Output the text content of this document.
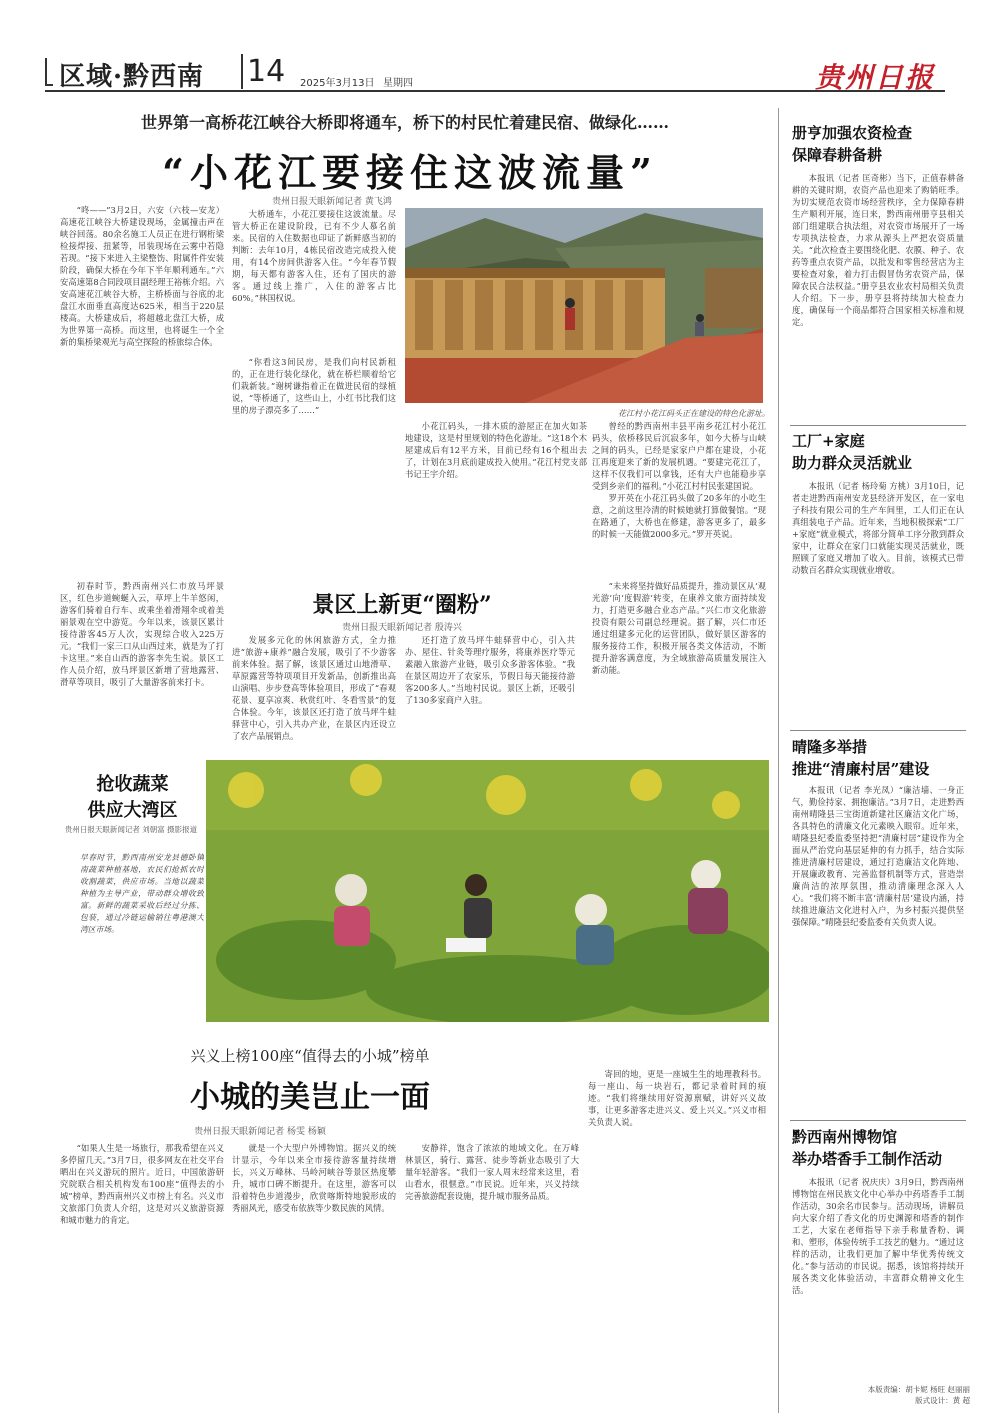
区域·黔西南 14 2025年3月13日 星期四	贵州日报
世界第一高桥花江峡谷大桥即将通车，桥下的村民忙着建民宿、做绿化……
“小花江要接住这波流量”
“咚——”3月2日，六安（六枝—安龙）高速花江峡谷大桥建设现场，金属撞击声在峡谷回荡。80余名施工人员正在进行钢桁梁检接焊接、扭紧等，吊装现场在云雾中若隐若现。“接下来进入主梁整饬、附属件件安装阶段，确保大桥在今年下半年顺利通车。”六安高速第8合同段项目副经理王裕栋介绍。六安高速花江峡谷大桥，主桥桥面与谷底的北盘江水面垂直高度达625米，相当于220层楼高。大桥建成后，将超越北盘江大桥，成为世界第一高桥。而这里，也将诞生一个全新的集桥梁观光与高空探险的桥旅综合体。
贵州日报天眼新闻记者 黄飞鸿
大桥通车，小花江要接住这波流量。尽管大桥正在建设阶段，已有不少人慕名前来。民宿的入住数据也印证了新鲜感当初的判断：去年10月，4栋民宿改造完成投入使用，有14个房间供游客入住。“今年春节假期，每天都有游客入住，还有了国庆的游客。通过线上推广，入住的游客占比60%。”林国权说。
花江村小花江码头正在建设的特色化游址。
“你看这3间民房，是我们向村民新租的，正在进行装化绿化，就在桥栏顺着给它们栽新装。”谢树谦指着正在做进民宿的绿植说，“等桥通了，这些山上，小红书比我们这里的房子漂亮多了……”
小花江码头，一排木质的游屋正在加火如茶地建设，这是村里规划的特色化游址。“这18个木屋建成后有12平方米，目前已经有16个租出去了，计划在3月底前建成投入使用。”花江村党支部书记王宇介绍。
曾经的黔西南州丰县平南乡花江村小花江码头，依桥移民后沉寂多年，如今大桥与山峡之间的码头，已经是家家户户都在建设，小花江再度迎来了新的发展机遇。“要建完花江了，这样不仅我们可以拿钱，还有大户也能稳步享受到乡亲们的福利。”小花江村村民张建国说。
罗开英在小花江码头做了20多年的小吃生意，之前这里冷清的时候她就打算做餐馆。“现在路通了，大桥也在修建，游客更多了，最多的时候一天能做2000多元。”罗开英说。
初春时节，黔西南州兴仁市放马坪景区，红色步道蜿蜒入云，草坪上牛羊悠闲，游客们骑着自行车、或乘坐着滑翔伞或着美丽景观在空中游览。今年以来，该景区累计接待游客45万人次，实现综合收入225万元。“我们一家三口从山西过来，就是为了打卡这里。”来自山西的游客李先生说。景区工作人员介绍，放马坪景区新增了营地露营、滑草等项目，吸引了大量游客前来打卡。
景区上新更“圈粉”
贵州日报天眼新闻记者 殷涛兴
发展多元化的休闲旅游方式，全力推进“旅游+康养”融合发展，吸引了不少游客前来体验。据了解，该景区通过山地滑草、草原露营等特项项目开发新品，创新推出高山演唱、步步登高等体验项目，形成了“春观花景、夏享凉爽、秋赏红叶、冬看雪景”的复合体验。今年，该景区还打造了放马坪牛蛙驿营中心，引入共办产业，在景区内还设立了农产品展销点。
还打造了放马坪牛蛙驿营中心，引入共办、屋住、针灸等理疗服务，将康养医疗等元素融入旅游产业链，吸引众多游客体验。“我在景区周边开了农家乐，节假日每天能接待游客200多人。”当地村民说。景区上新，还吸引了130多家商户入驻。
“未来将坚持做好品质提升，推动景区从‘观光游’向‘度假游’转变，在康养文旅方面持续发力，打造更多融合业态产品。”兴仁市文化旅游投资有限公司副总经理说。据了解，兴仁市还通过组建多元化的运营团队，做好景区游客的服务接待工作，积极开展各类文体活动，不断提升游客满意度，为全域旅游高质量发展注入新动能。
抢收蔬菜
供应大湾区
贵州日报天眼新闻记者 刘朝富 摄影报道
早春时节，黔西南州安龙县德卧镇南蔬菜种植基地，农民们抢抓农时收割蔬菜，供应市场。当地以蔬菜种植为主导产业，带动群众增收致富。新鲜的蔬菜采收后经过分拣、包装，通过冷链运输销往粤港澳大湾区市场。
兴义上榜100座“值得去的小城”榜单
小城的美岂止一面
贵州日报天眼新闻记者 杨雯 杨颖
“如果人生是一场旅行，那我希望在兴义多停留几天。”3月7日，很多网友在社交平台晒出在兴义游玩的照片。近日，中国旅游研究院联合相关机构发布100座“值得去的小城”榜单，黔西南州兴义市榜上有名。兴义市文旅部门负责人介绍，这是对兴义旅游资源和城市魅力的肯定。
就是一个大型户外博物馆。据兴义的统计显示，今年以来全市接待游客量持续增长，兴义万峰林、马岭河峡谷等景区热度攀升，城市口碑不断提升。在这里，游客可以沿着特色步道漫步，欣赏喀斯特地貌形成的秀丽风光，感受布依族等少数民族的风情。
安静祥，饱含了浓浓的地域文化。在万峰林景区，骑行、露营、徒步等新业态吸引了大量年轻游客。“我们一家人周末经常来这里，看山看水，很惬意。”市民说。近年来，兴义持续完善旅游配套设施，提升城市服务品质。
寄回的地，更是一座城生生的地理教科书。每一座山、每一块岩石，都记录着时间的痕迹。“我们将继续用好资源禀赋，讲好兴义故事，让更多游客走进兴义、爱上兴义。”兴义市相关负责人说。
册亨加强农资检查
保障春耕备耕
本报讯（记者 匡奇彬）当下，正值春耕备耕的关键时期，农资产品也迎来了购销旺季。为切实规范农资市场经营秩序，全力保障春耕生产顺利开展，连日来，黔西南州册亨县相关部门组建联合执法组，对农资市场展开了一场专项执法检查，力求从源头上严把农资质量关。“此次检查主要围绕化肥、农膜、种子、农药等重点农资产品，以批发和零售经营店为主要检查对象，着力打击假冒伪劣农资产品，保障农民合法权益。”册亨县农业农村局相关负责人介绍。下一步，册亨县将持续加大检查力度，确保每一个商品都符合国家相关标准和规定。
工厂+家庭
助力群众灵活就业
本报讯（记者 杨玲菊 方桃）3月10日，记者走进黔西南州安龙县经济开发区，在一家电子科技有限公司的生产车间里，工人们正在认真组装电子产品。近年来，当地积极探索“工厂+家庭”就业模式，将部分简单工序分散到群众家中，让群众在家门口就能实现灵活就业，既照顾了家庭又增加了收入。目前，该模式已带动数百名群众实现就业增收。
晴隆多举措
推进“清廉村居”建设
本报讯（记者 李光凤）“廉洁墙、一身正气，勤俭持家、拥抱廉洁。”3月7日，走进黔西南州晴隆县三宝街道新建社区廉洁文化广场，各具特色的清廉文化元素映入眼帘。近年来，晴隆县纪委监委坚持把“清廉村居”建设作为全面从严治党向基层延伸的有力抓手，结合实际推进清廉村居建设，通过打造廉洁文化阵地、开展廉政教育、完善监督机制等方式，营造崇廉尚洁的浓厚氛围，推动清廉理念深入人心。“我们将不断丰富‘清廉村居’建设内涵，持续推进廉洁文化进村入户，为乡村振兴提供坚强保障。”晴隆县纪委监委有关负责人说。
黔西南州博物馆
举办塔香手工制作活动
本报讯（记者 祝庆庆）3月9日，黔西南州博物馆在州民族文化中心举办中药塔香手工制作活动，30余名市民参与。活动现场，讲解员向大家介绍了香文化的历史渊源和塔香的制作工艺，大家在老师指导下亲手称量香粉、调和、塑形，体验传统手工技艺的魅力。“通过这样的活动，让我们更加了解中华优秀传统文化。”参与活动的市民说。据悉，该馆将持续开展各类文化体验活动，丰富群众精神文化生活。
本版责编：胡卡妮 杨旺 赵丽丽
版式设计：黄 超
